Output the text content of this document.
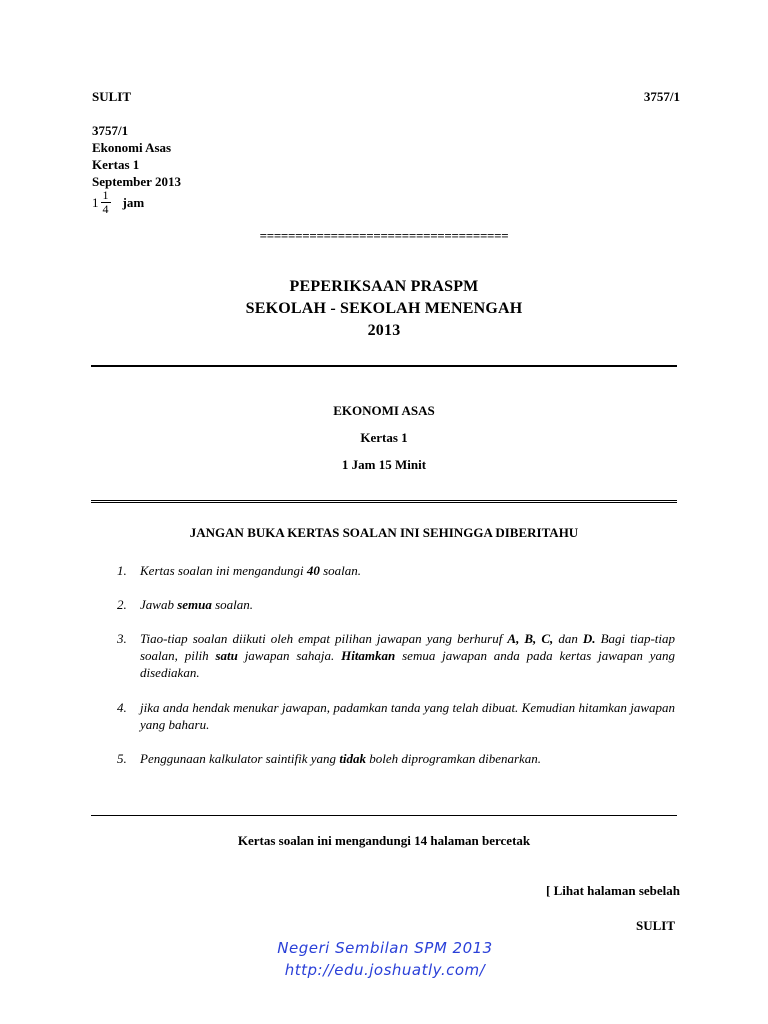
SULIT	3757/1
3757/1
Ekonomi Asas
Kertas 1
September 2013
$1 \frac{1}{4}$ jam
===================================
PEPERIKSAAN PRASPM
SEKOLAH - SEKOLAH MENENGAH
2013
EKONOMI ASAS
Kertas 1
1 Jam 15 Minit
JANGAN BUKA KERTAS SOALAN INI SEHINGGA DIBERITAHU
1.	Kertas soalan ini mengandungi 40 soalan.
2.	Jawab semua soalan.
3.	Tiao-tiap soalan diikuti oleh empat pilihan jawapan yang berhuruf A, B, C, dan D. Bagi tiap-tiap soalan, pilih satu jawapan sahaja. Hitamkan semua jawapan anda pada kertas jawapan yang disediakan.
4.	jika anda hendak menukar jawapan, padamkan tanda yang telah dibuat. Kemudian hitamkan jawapan yang baharu.
5.	Penggunaan kalkulator saintifik yang tidak boleh diprogramkan dibenarkan.
Kertas soalan ini mengandungi 14 halaman bercetak
[ Lihat halaman sebelah
SULIT
Negeri Sembilan SPM 2013
http://edu.joshuatly.com/
